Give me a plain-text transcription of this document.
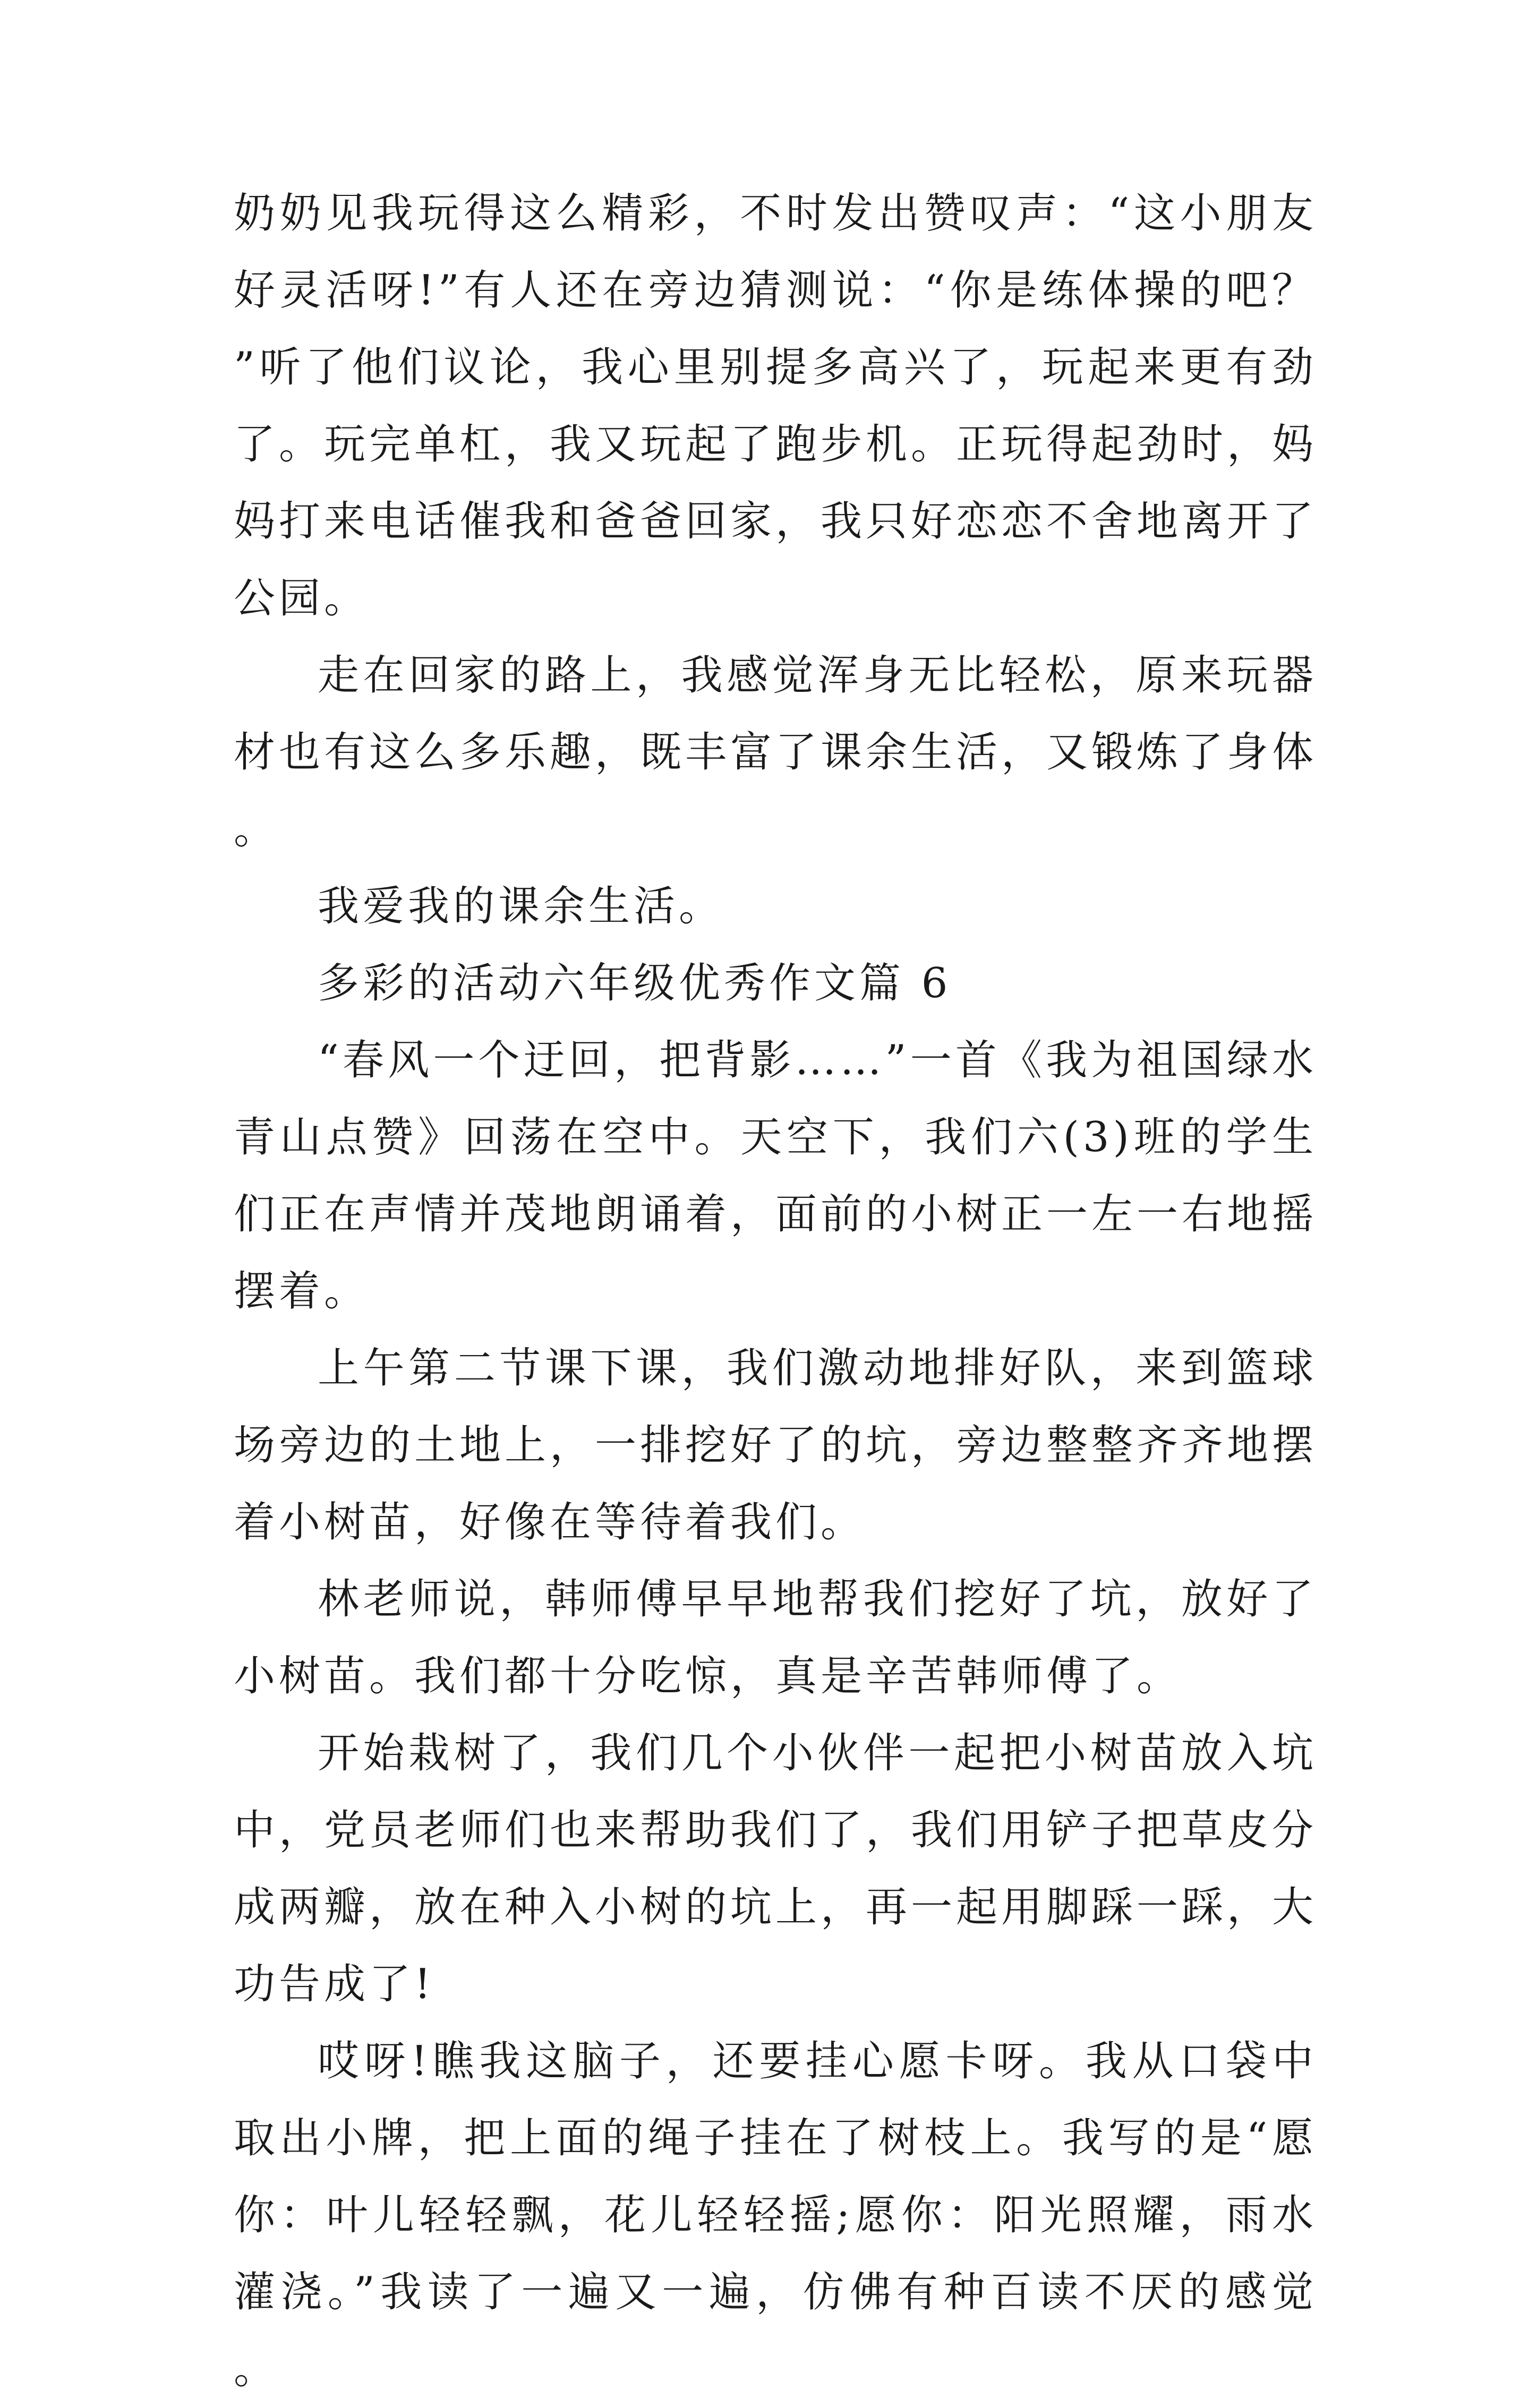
奶奶见我玩得这么精彩，不时发出赞叹声：“这小朋友好灵活呀!”有人还在旁边猜测说：“你是练体操的吧？”听了他们议论，我心里别提多高兴了，玩起来更有劲了。玩完单杠，我又玩起了跑步机。正玩得起劲时，妈妈打来电话催我和爸爸回家，我只好恋恋不舍地离开了公园。

走在回家的路上，我感觉浑身无比轻松，原来玩器材也有这么多乐趣，既丰富了课余生活，又锻炼了身体。

我爱我的课余生活。

多彩的活动六年级优秀作文篇 6

“春风一个迂回，把背影……”一首《我为祖国绿水青山点赞》回荡在空中。天空下，我们六(3)班的学生们正在声情并茂地朗诵着，面前的小树正一左一右地摇摆着。

上午第二节课下课，我们激动地排好队，来到篮球场旁边的土地上，一排挖好了的坑，旁边整整齐齐地摆着小树苗，好像在等待着我们。

林老师说，韩师傅早早地帮我们挖好了坑，放好了小树苗。我们都十分吃惊，真是辛苦韩师傅了。

开始栽树了，我们几个小伙伴一起把小树苗放入坑中，党员老师们也来帮助我们了，我们用铲子把草皮分成两瓣，放在种入小树的坑上，再一起用脚踩一踩，大功告成了!

哎呀!瞧我这脑子，还要挂心愿卡呀。我从口袋中取出小牌，把上面的绳子挂在了树枝上。我写的是“愿你：叶儿轻轻飘，花儿轻轻摇;愿你：阳光照耀，雨水灌浇。”我读了一遍又一遍，仿佛有种百读不厌的感觉。
